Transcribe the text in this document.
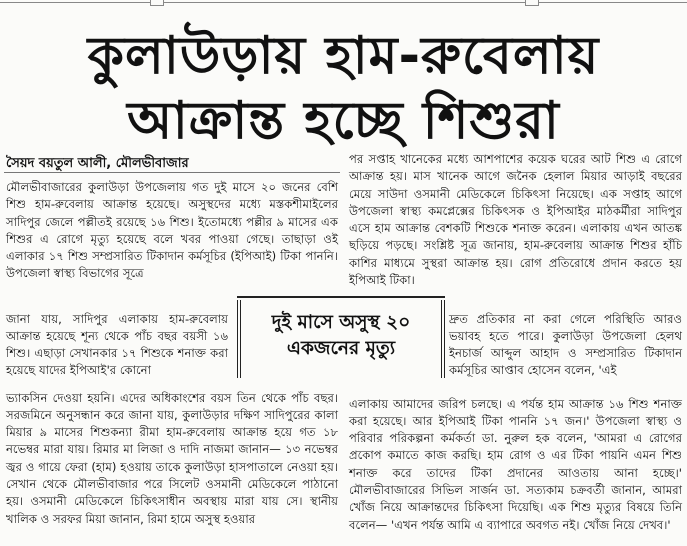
কুলাউড়ায় হাম-রুবেলায়
আক্রান্ত হচ্ছে শিশুরা
সৈয়দ বয়তুল আলী, মৌলভীবাজার

মৌলভীবাজারের কুলাউড়া উপজেলায় গত দুই মাসে ২০ জনের বেশি শিশু হাম-রুবেলায় আক্রান্ত হয়েছে। অসুস্থদের মধ্যে মস্তকশীমাইলের সাদিপুর জেলে পল্লীতই রয়েছে ১৬ শিশু। ইতোমধ্যে পল্লীর ৯ মাসের এক শিশুর এ রোগে মৃত্যু হয়েছে বলে খবর পাওয়া গেছে। তাছাড়া ওই এলাকার ১৭ শিশু সম্প্রসারিত টিকাদান কর্মসূচির (ইপিআই) টিকা পাননি। উপজেলা স্বাস্থ্য বিভাগের সূত্রে

জানা যায়, সাদিপুর এলাকায় হাম-রুবেলায় আক্রান্ত হয়েছে শূন্য থেকে পাঁচ বছর বয়সী ১৬ শিশু। এছাড়া সেখানকার ১৭ শিশুকে শনাক্ত করা হয়েছে যাদের ইপিআই'র কোনো

দুই মাসে অসুস্থ ২০
একজনের মৃত্যু

ভ্যাকসিন দেওয়া হয়নি। এদের অধিকাংশের বয়স তিন থেকে পাঁচ বছর। সরজমিনে অনুসন্ধান করে জানা যায়, কুলাউড়ার দক্ষিণ সাদিপুরের কালা মিয়ার ৯ মাসের শিশুকন্যা রীমা হাম-রুবেলায় আক্রান্ত হয়ে গত ১৮ নভেম্বর মারা যায়। রিমার মা লিজা ও দাদি নাজমা জানান— ১৩ নভেম্বর জ্বর ও গায়ে ফেরা (হাম) হওয়ায় তাকে কুলাউড়া হাসপাতালে নেওয়া হয়। সেখান থেকে মৌলভীবাজার পরে সিলেট ওসমানী মেডিকেলে পাঠানো হয়। ওসমানী মেডিকেলে চিকিৎসাধীন অবস্থায় মারা যায় সে। স্থানীয় খালিক ও সরফর মিয়া জানান, রিমা হামে অসুস্থ হওয়ার

পর সপ্তাহ খানেকের মধ্যে আশপাশের কয়েক ঘরের আট শিশু এ রোগে আক্রান্ত হয়। মাস খানেক আগে জনৈক হেলাল মিয়ার আড়াই বছরের মেয়ে সাউদা ওসমানী মেডিকেলে চিকিৎসা নিয়েছে। এক সপ্তাহ আগে উপজেলা স্বাস্থ্য কমপ্লেক্সের চিকিৎসক ও ইপিআইর মাঠকর্মীরা সাদিপুর এসে হাম আক্রান্ত বেশকটি শিশুকে শনাক্ত করেন। এলাকায় এখন আতঙ্ক ছড়িয়ে পড়ছে। সংশ্লিষ্ট সূত্র জানায়, হাম-রুবেলায় আক্রান্ত শিশুর হাঁচি কাশির মাধ্যমে সুস্থরা আক্রান্ত হয়। রোগ প্রতিরোধে প্রদান করতে হয় ইপিআই টিকা।

দ্রুত প্রতিকার না করা গেলে পরিস্থিতি আরও ভয়াবহ হতে পারে। কুলাউড়া উপজেলা হেলথ ইনচার্জ আব্দুল আহাদ ও সম্প্রসারিত টিকাদান কর্মসূচির আপ্তাব হোসেন বলেন, 'এই

এলাকায় আমাদের জরিপ চলছে। এ পর্যন্ত হাম আক্রান্ত ১৬ শিশু শনাক্ত করা হয়েছে। আর ইপিআই টিকা পাননি ১৭ জন।' উপজেলা স্বাস্থ্য ও পরিবার পরিকল্পনা কর্মকর্তা ডা. নুরুল হক বলেন, 'আমরা এ রোগের প্রকোপ কমাতে কাজ করছি। হাম রোগ ও এর টিকা পায়নি এমন শিশু শনাক্ত করে তাদের টিকা প্রদানের আওতায় আনা হচ্ছে।' মৌলভীবাজারের সিভিল সার্জন ডা. সত্যকাম চক্রবর্তী জানান, আমরা খোঁজ নিয়ে আক্রান্তদের চিকিৎসা দিয়েছি। এক শিশু মৃত্যুর বিষয়ে তিনি বলেন— 'এখন পর্যন্ত আমি এ ব্যাপারে অবগত নই। খোঁজ নিয়ে দেখব।'
